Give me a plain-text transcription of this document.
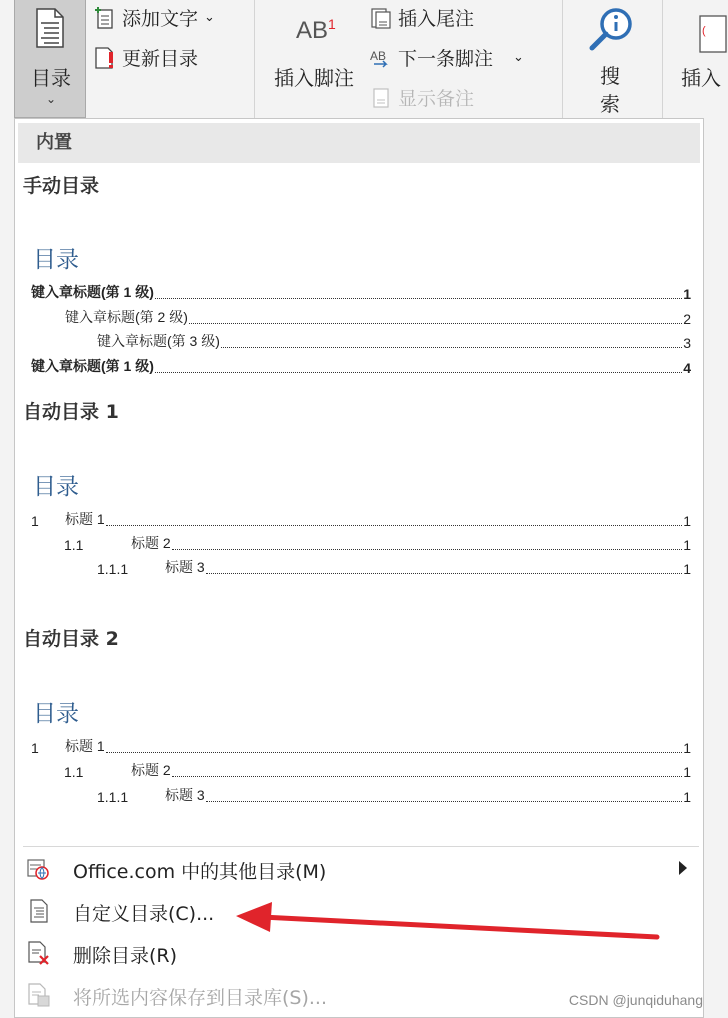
目录
⌄
添加文字 ⌄
更新目录
$AB^1$
插入脚注
插入尾注
AB 下一条脚注 ⌄
显示备注
搜
索
(
插入
内置
手动目录
目录
键入章标题(第 1 级)	1
键入章标题(第 2 级)	2
键入章标题(第 3 级)	3
键入章标题(第 1 级)	4
自动目录 1
目录
1	标题 1	1
1.1	标题 2	1
1.1.1	标题 3	1
自动目录 2
目录
1	标题 1	1
1.1	标题 2	1
1.1.1	标题 3	1
Office.com 中的其他目录(M)
自定义目录(C)...
删除目录(R)
将所选内容保存到目录库(S)...	CSDN @junqiduhang
